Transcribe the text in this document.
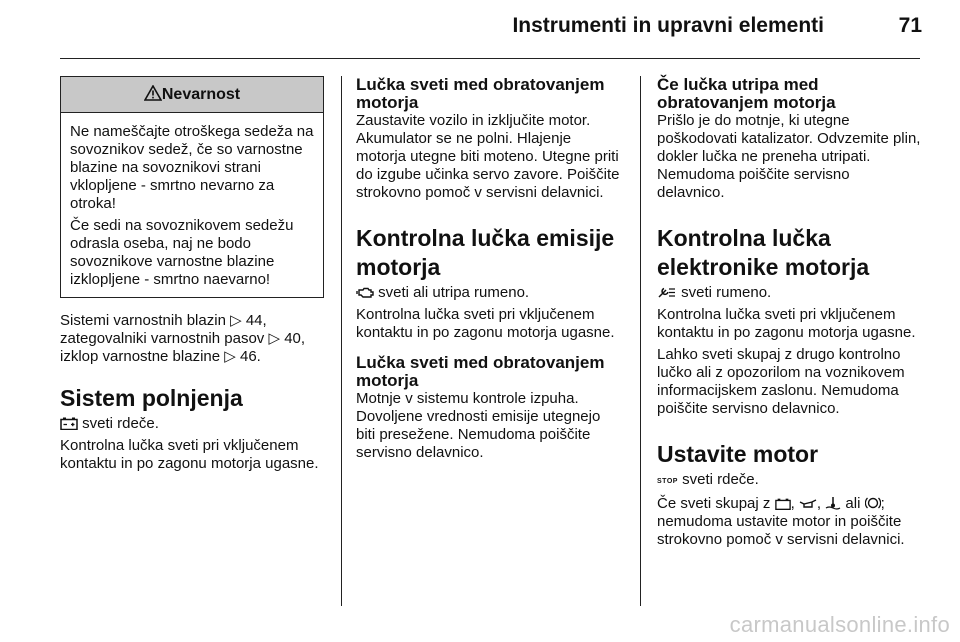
Instrumenti in upravni elementi	71
Nevarnost

Ne nameščajte otroškega sedeža na sovoznikov sedež, če so varnostne blazine na sovoznikovi strani vklopljene - smrtno nevarno za otroka!

Če sedi na sovoznikovem sedežu odrasla oseba, naj ne bodo sovoznikove varnostne blazine izklopljene - smrtno naevarno!

Sistemi varnostnih blazin ▷ 44, zategovalniki varnostnih pasov ▷ 40, izklop varnostne blazine ▷ 46.

Sistem polnjenja

sveti rdeče.

Kontrolna lučka sveti pri vključenem kontaktu in po zagonu motorja ugasne.

Lučka sveti med obratovanjem motorja

Zaustavite vozilo in izključite motor. Akumulator se ne polni. Hlajenje motorja utegne biti moteno. Utegne priti do izgube učinka servo zavore. Poiščite strokovno pomoč v servisni delavnici.

Kontrolna lučka emisije motorja

sveti ali utripa rumeno.

Kontrolna lučka sveti pri vključenem kontaktu in po zagonu motorja ugasne.

Lučka sveti med obratovanjem motorja

Motnje v sistemu kontrole izpuha. Dovoljene vrednosti emisije utegnejo biti presežene. Nemudoma poiščite servisno delavnico.

Če lučka utripa med obratovanjem motorja

Prišlo je do motnje, ki utegne poškodovati katalizator. Odvzemite plin, dokler lučka ne preneha utripati. Nemudoma poiščite servisno delavnico.

Kontrolna lučka elektronike motorja

sveti rumeno.

Kontrolna lučka sveti pri vključenem kontaktu in po zagonu motorja ugasne.

Lahko sveti skupaj z drugo kontrolno lučko ali z opozorilom na voznikovem informacijskem zaslonu. Nemudoma poiščite servisno delavnico.

Ustavite motor

STOP sveti rdeče.

Če sveti skupaj z , ,  ali ; nemudoma ustavite motor in poiščite strokovno pomoč v servisni delavnici.

carmanualsonline.info
